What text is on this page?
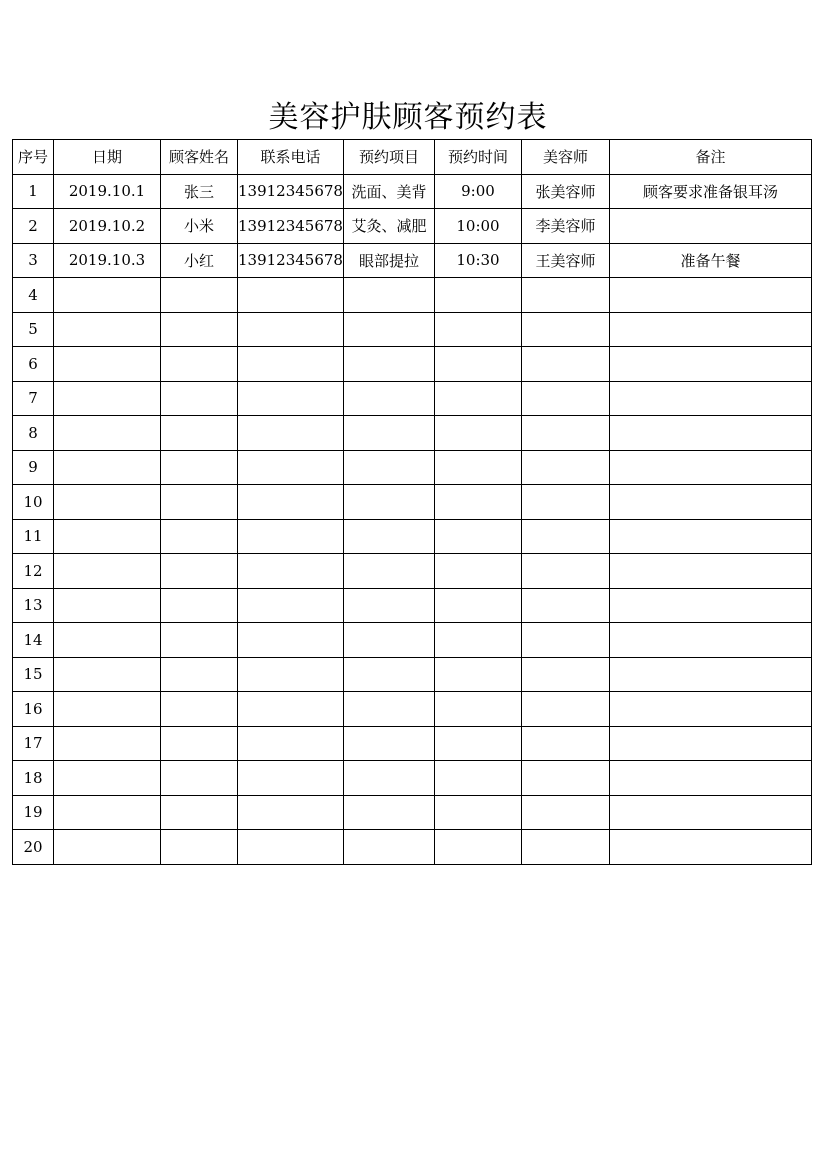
美容护肤顾客预约表
序号	日期	顾客姓名	联系电话	预约项目	预约时间	美容师	备注
1	2019.10.1	张三	13912345678	洗面、美背	9:00	张美容师	顾客要求准备银耳汤
2	2019.10.2	小米	13912345678	艾灸、减肥	10:00	李美容师	
3	2019.10.3	小红	13912345678	眼部提拉	10:30	王美容师	准备午餐
4							
5							
6							
7							
8							
9							
10							
11							
12							
13							
14							
15							
16							
17							
18							
19							
20							
